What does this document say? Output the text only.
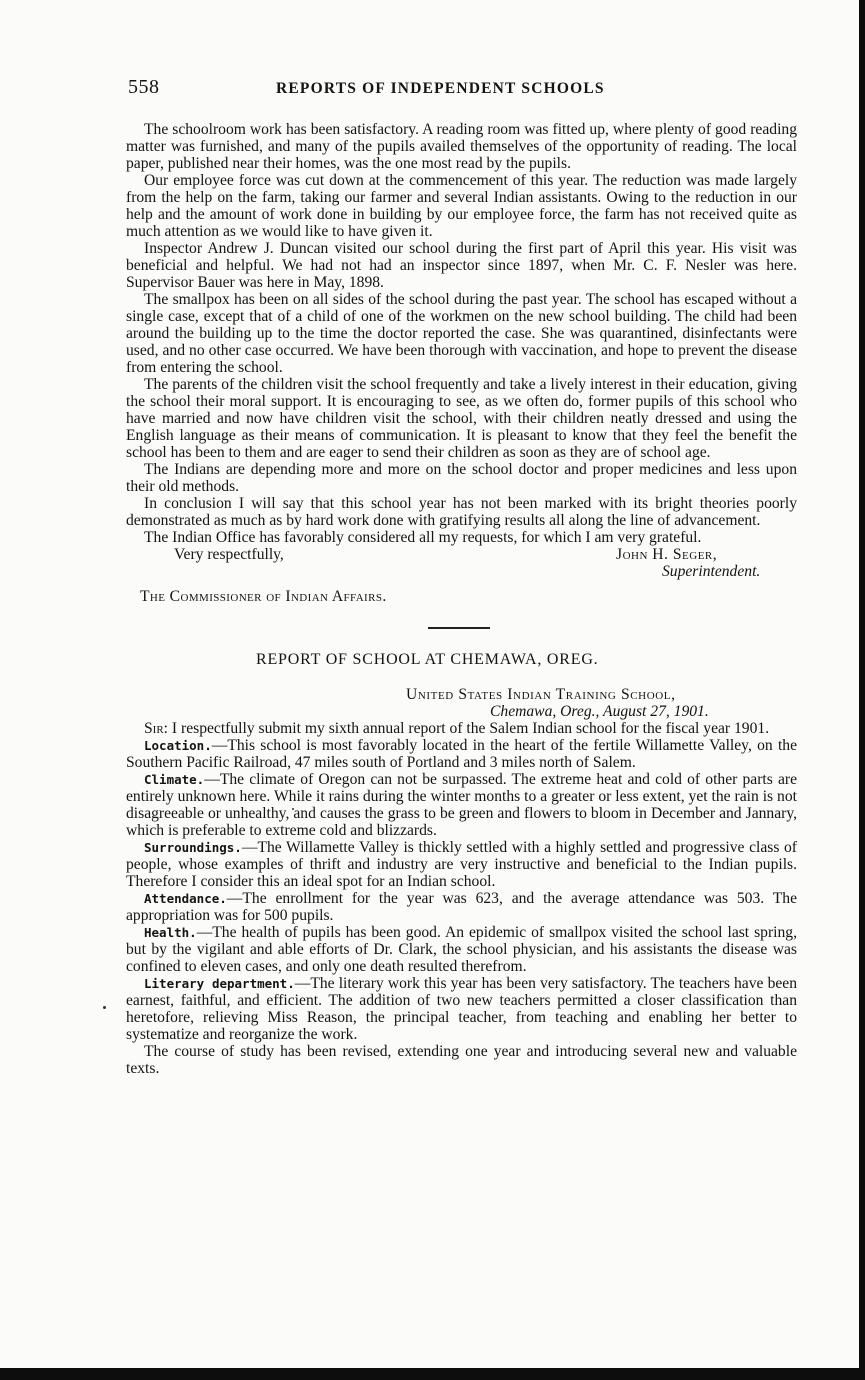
558	REPORTS OF INDEPENDENT SCHOOLS

The schoolroom work has been satisfactory. A reading room was fitted up, where plenty of good reading matter was furnished, and many of the pupils availed themselves of the opportunity of reading. The local paper, published near their homes, was the one most read by the pupils.

Our employee force was cut down at the commencement of this year. The reduction was made largely from the help on the farm, taking our farmer and several Indian assistants. Owing to the reduction in our help and the amount of work done in building by our employee force, the farm has not received quite as much attention as we would like to have given it.

Inspector Andrew J. Duncan visited our school during the first part of April this year. His visit was beneficial and helpful. We had not had an inspector since 1897, when Mr. C. F. Nesler was here. Supervisor Bauer was here in May, 1898.

The smallpox has been on all sides of the school during the past year. The school has escaped without a single case, except that of a child of one of the workmen on the new school building. The child had been around the building up to the time the doctor reported the case. She was quarantined, disinfectants were used, and no other case occurred. We have been thorough with vaccination, and hope to prevent the disease from entering the school.

The parents of the children visit the school frequently and take a lively interest in their education, giving the school their moral support. It is encouraging to see, as we often do, former pupils of this school who have married and now have children visit the school, with their children neatly dressed and using the English language as their means of communication. It is pleasant to know that they feel the benefit the school has been to them and are eager to send their children as soon as they are of school age.

The Indians are depending more and more on the school doctor and proper medicines and less upon their old methods.

In conclusion I will say that this school year has not been marked with its bright theories poorly demonstrated as much as by hard work done with gratifying results all along the line of advancement.

The Indian Office has favorably considered all my requests, for which I am very grateful.

Very respectfully,	John H. Seger,
Superintendent.
The Commissioner of Indian Affairs.
REPORT OF SCHOOL AT CHEMAWA, OREG.
United States Indian Training School,
Chemawa, Oreg., August 27, 1901.

Sir: I respectfully submit my sixth annual report of the Salem Indian school for the fiscal year 1901.

Location.—This school is most favorably located in the heart of the fertile Willamette Valley, on the Southern Pacific Railroad, 47 miles south of Portland and 3 miles north of Salem.

Climate.—The climate of Oregon can not be surpassed. The extreme heat and cold of other parts are entirely unknown here. While it rains during the winter months to a greater or less extent, yet the rain is not disagreeable or unhealthy, and causes the grass to be green and flowers to bloom in December and Jannary, which is preferable to extreme cold and blizzards.

Surroundings.—The Willamette Valley is thickly settled with a highly settled and progressive class of people, whose examples of thrift and industry are very instructive and beneficial to the Indian pupils. Therefore I consider this an ideal spot for an Indian school.

Attendance.—The enrollment for the year was 623, and the average attendance was 503. The appropriation was for 500 pupils.

Health.—The health of pupils has been good. An epidemic of smallpox visited the school last spring, but by the vigilant and able efforts of Dr. Clark, the school physician, and his assistants the disease was confined to eleven cases, and only one death resulted therefrom.

Literary department.—The literary work this year has been very satisfactory. The teachers have been earnest, faithful, and efficient. The addition of two new teachers permitted a closer classification than heretofore, relieving Miss Reason, the principal teacher, from teaching and enabling her better to systematize and reorganize the work.

The course of study has been revised, extending one year and introducing several new and valuable texts.
